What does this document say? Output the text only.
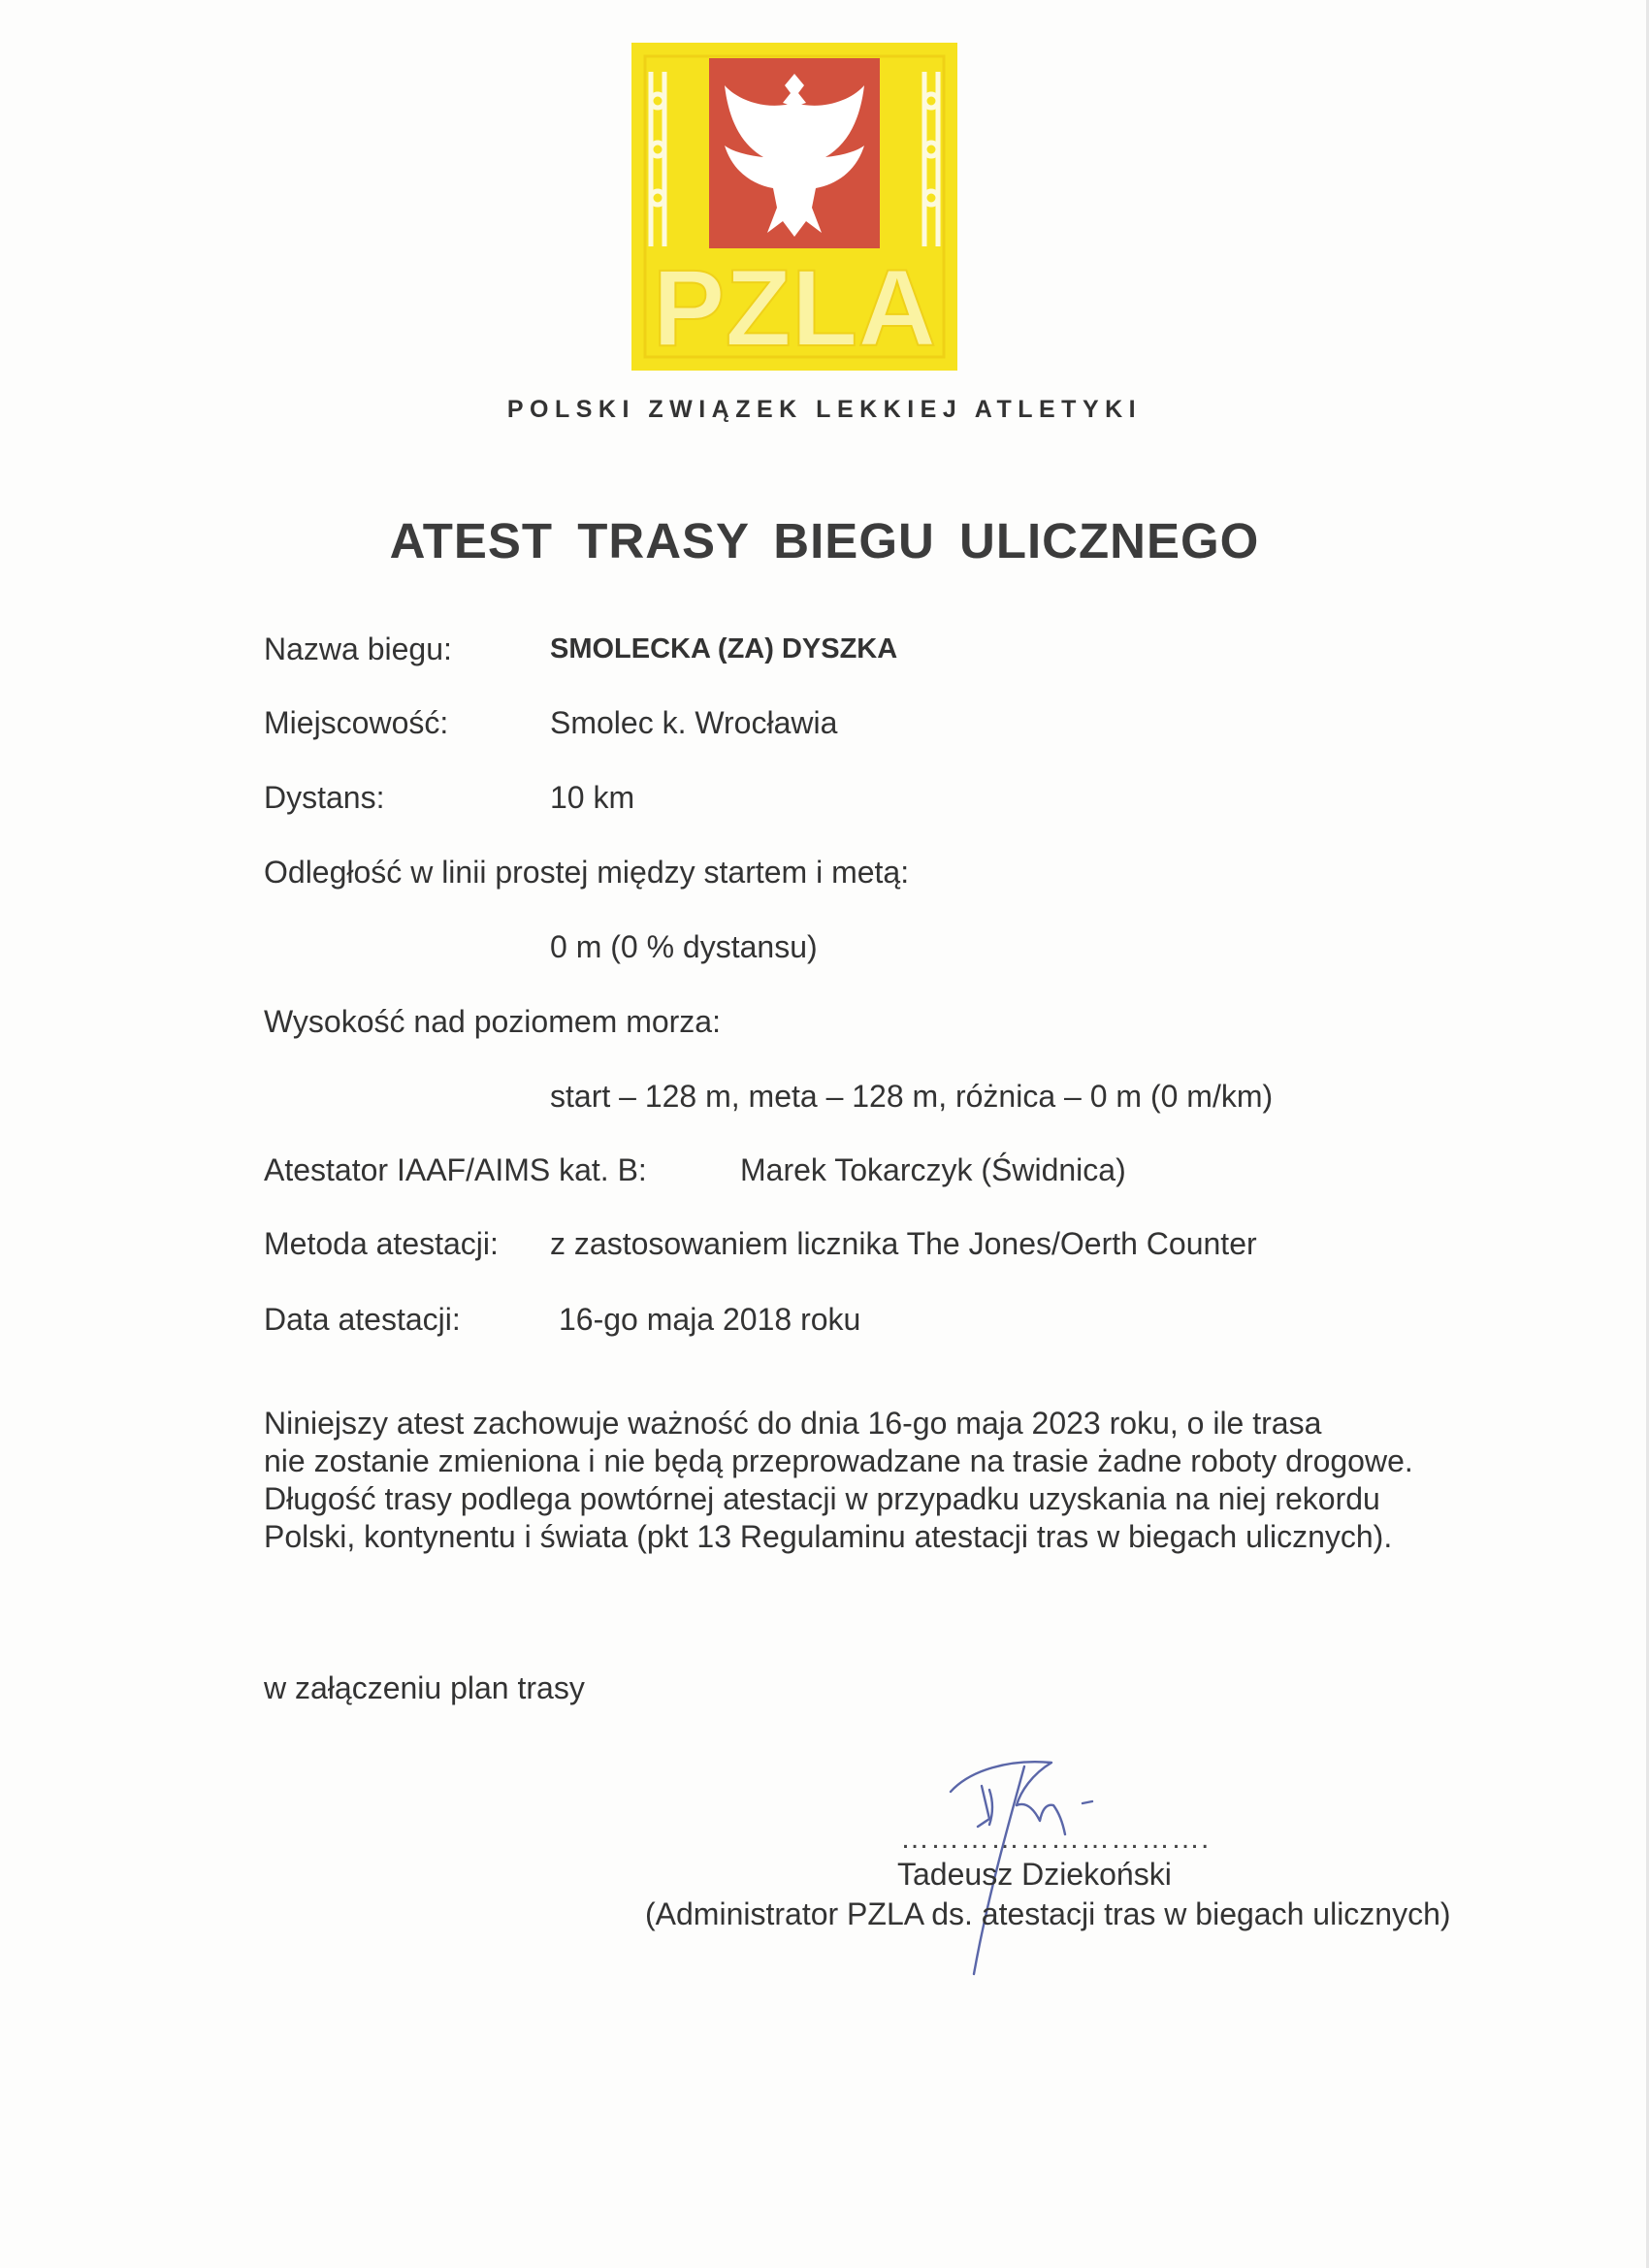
PZLA
POLSKI ZWIĄZEK LEKKIEJ ATLETYKI
ATEST TRASY BIEGU ULICZNEGO
Nazwa biegu:	SMOLECKA (ZA) DYSZKA
Miejscowość:	Smolec k. Wrocławia
Dystans:	10 km
Odległość w linii prostej między startem i metą:
0 m (0 % dystansu)
Wysokość nad poziomem morza:
start – 128 m, meta – 128 m, różnica – 0 m (0 m/km)
Atestator IAAF/AIMS kat. B:	Marek Tokarczyk (Świdnica)
Metoda atestacji: z zastosowaniem licznika The Jones/Oerth Counter
Data atestacji:	16-go maja 2018 roku
Niniejszy atest zachowuje ważność do dnia 16-go maja 2023 roku, o ile trasa
nie zostanie zmieniona i nie będą przeprowadzane na trasie żadne roboty drogowe.
Długość trasy podlega powtórnej atestacji w przypadku uzyskania na niej rekordu
Polski, kontynentu i świata (pkt 13 Regulaminu atestacji tras w biegach ulicznych).
w załączeniu plan trasy
………………………….
Tadeusz Dziekoński
(Administrator PZLA ds. atestacji tras w biegach ulicznych)
